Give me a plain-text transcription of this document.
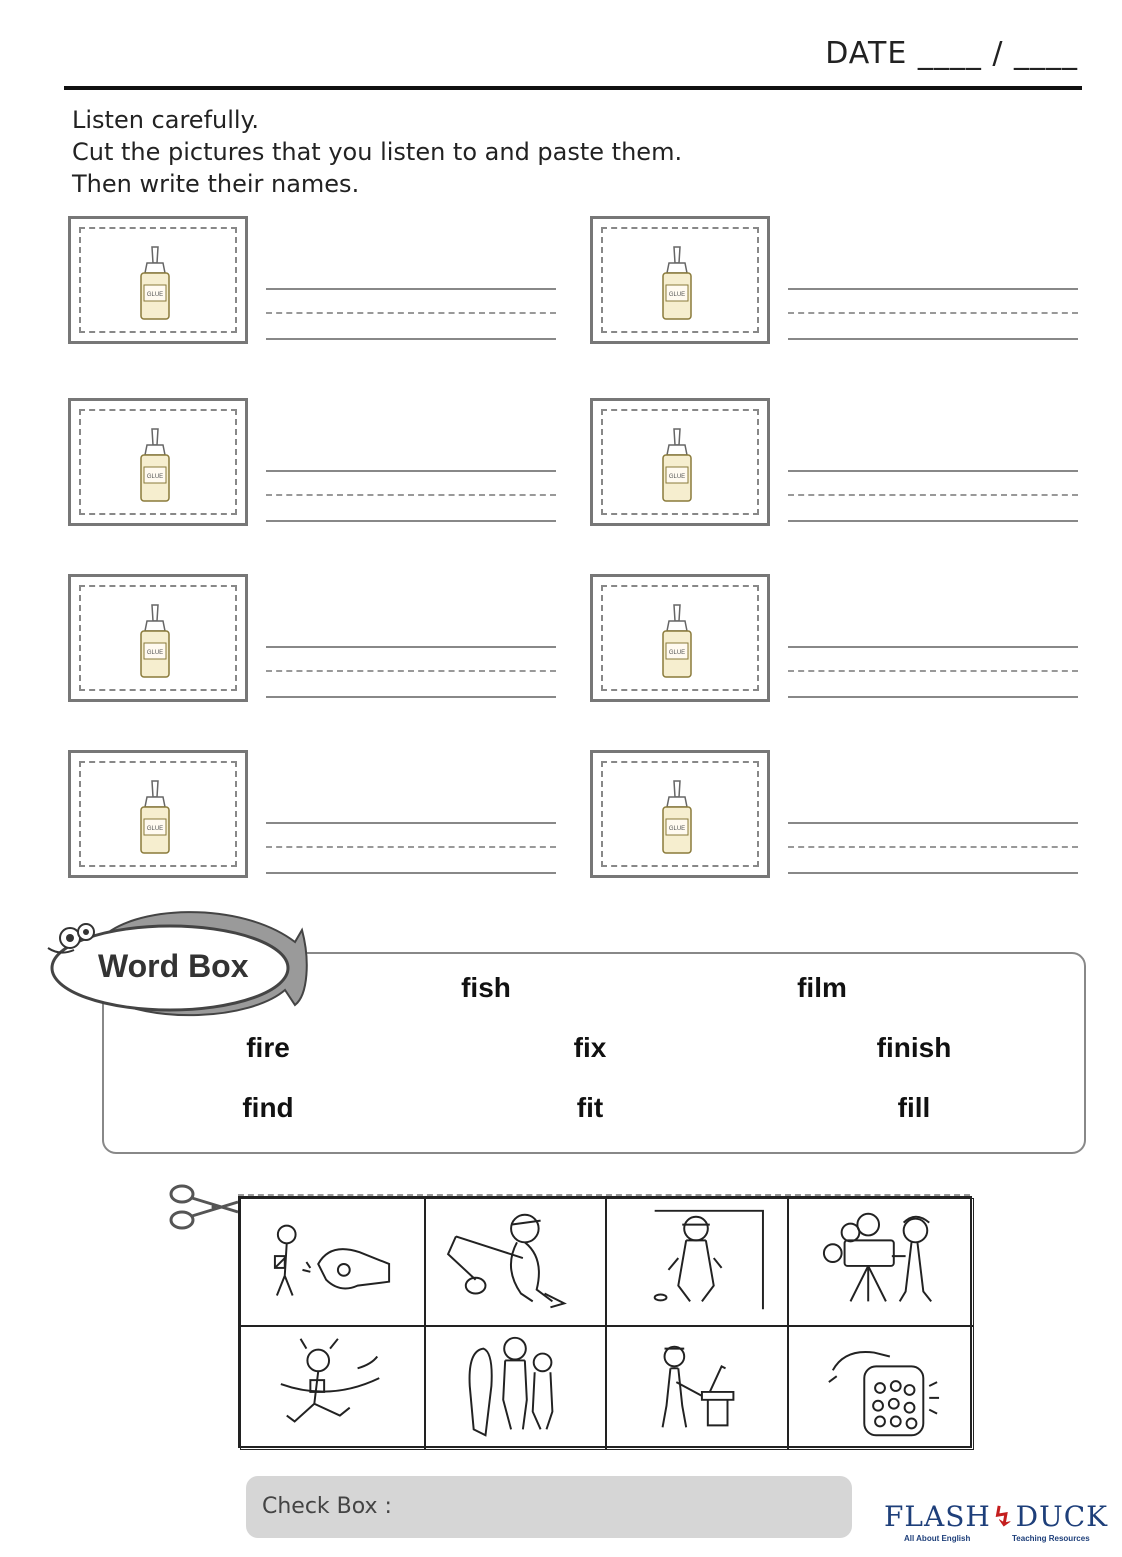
DATE ____ / ____
Listen carefully.
Cut the pictures that you listen to and paste them.
Then write their names.
GLUE	GLUE
GLUE	GLUE
GLUE	GLUE
GLUE	GLUE
Word Box
fish	film
fire	fix	finish
find	fit	fill
Check Box :	FLASH↯DUCK
All About English	Teaching Resources
